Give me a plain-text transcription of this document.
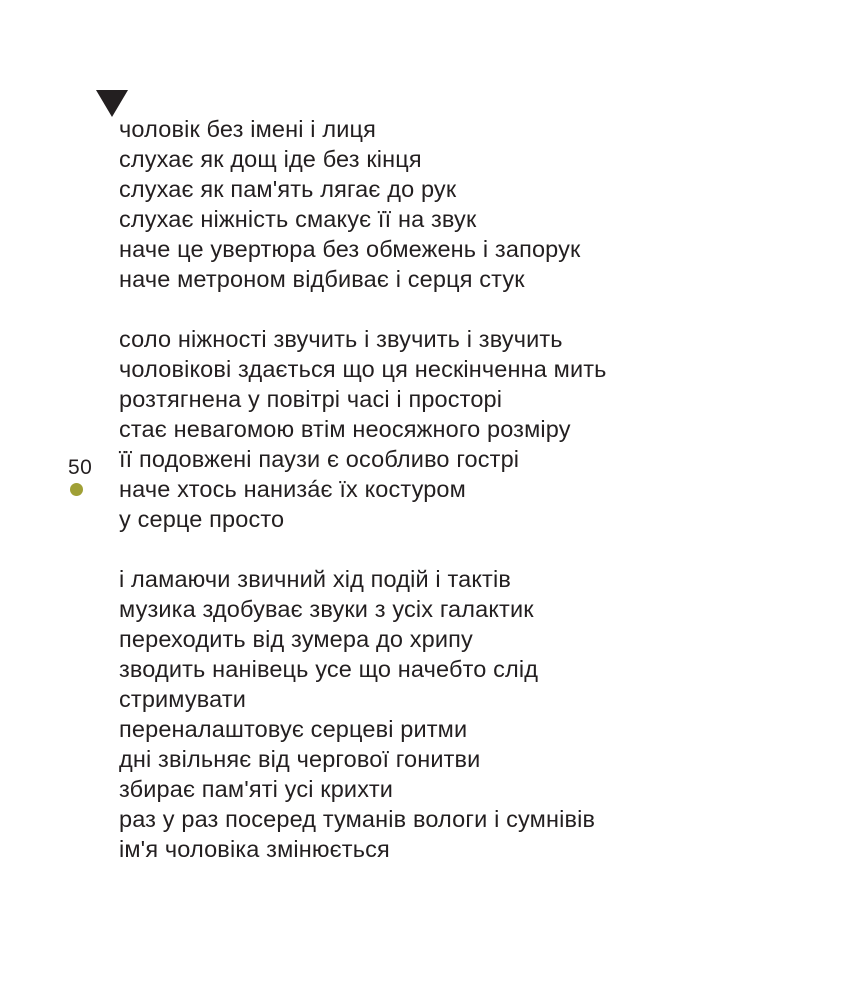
50
чоловік без імені і лиця
слухає як дощ іде без кінця
слухає як пам'ять лягає до рук
слухає ніжність смакує її на звук
наче це увертюра без обмежень і запорук
наче метроном відбиває і серця стук
соло ніжності звучить і звучить і звучить
чоловікові здається що ця нескінченна мить
розтягнена у повітрі часі і просторі
стає невагомою втім неосяжного розміру
її подовжені паузи є особливо гострі
наче хтось нанизáє їх костуром
у серце просто
і ламаючи звичний хід подій і тактів
музика здобуває звуки з усіх галактик
переходить від зумера до хрипу
зводить нанівець усе що начебто слід
стримувати
переналаштовує серцеві ритми
дні звільняє від чергової гонитви
збирає пам'яті усі крихти
раз у раз посеред туманів вологи і сумнівів
ім'я чоловіка змінюється
